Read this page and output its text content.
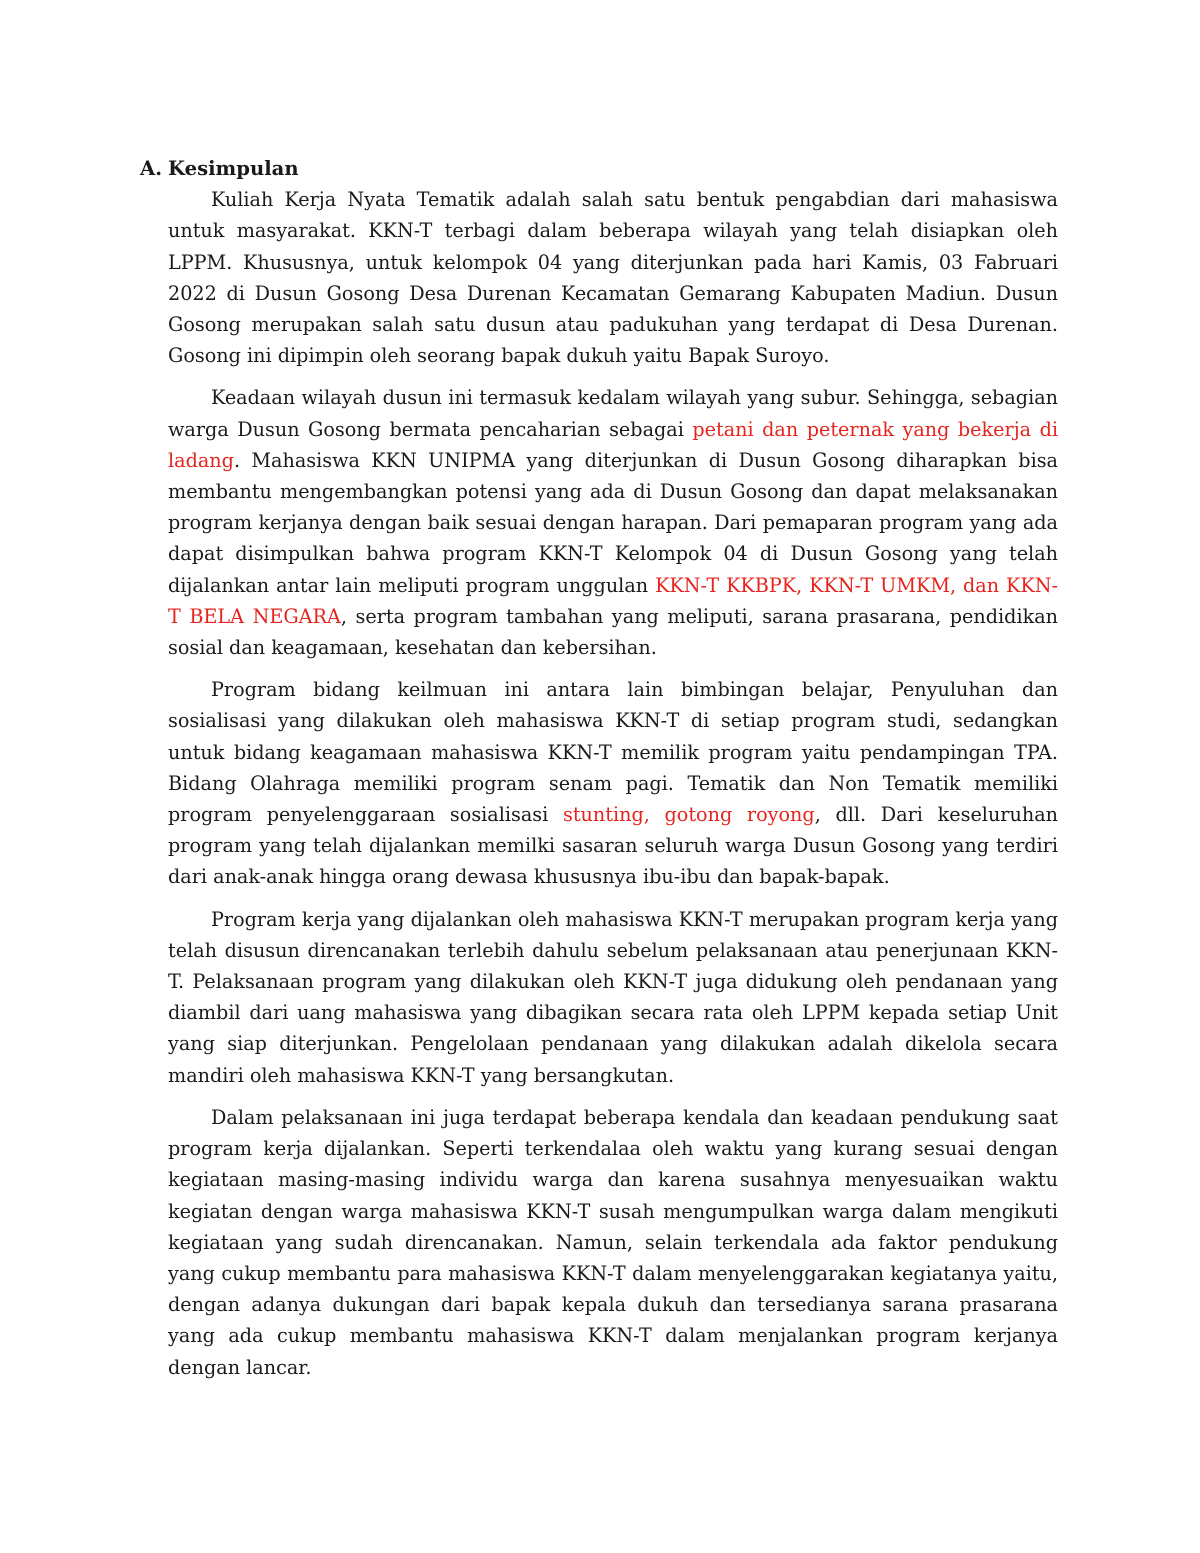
A. Kesimpulan

Kuliah Kerja Nyata Tematik adalah salah satu bentuk pengabdian dari mahasiswa untuk masyarakat. KKN-T terbagi dalam beberapa wilayah yang telah disiapkan oleh LPPM. Khususnya, untuk kelompok 04 yang diterjunkan pada hari Kamis, 03 Fabruari 2022 di Dusun Gosong Desa Durenan Kecamatan Gemarang Kabupaten Madiun. Dusun Gosong merupakan salah satu dusun atau padukuhan yang terdapat di Desa Durenan. Gosong ini dipimpin oleh seorang bapak dukuh yaitu Bapak Suroyo.

Keadaan wilayah dusun ini termasuk kedalam wilayah yang subur. Sehingga, sebagian warga Dusun Gosong bermata pencaharian sebagai petani dan peternak yang bekerja di ladang. Mahasiswa KKN UNIPMA yang diterjunkan di Dusun Gosong diharapkan bisa membantu mengembangkan potensi yang ada di Dusun Gosong dan dapat melaksanakan program kerjanya dengan baik sesuai dengan harapan. Dari pemaparan program yang ada dapat disimpulkan bahwa program KKN-T Kelompok 04 di Dusun Gosong yang telah dijalankan antar lain meliputi program unggulan KKN-T KKBPK, KKN-T UMKM, dan KKN-T BELA NEGARA, serta program tambahan yang meliputi, sarana prasarana, pendidikan sosial dan keagamaan, kesehatan dan kebersihan.

Program bidang keilmuan ini antara lain bimbingan belajar, Penyuluhan dan sosialisasi yang dilakukan oleh mahasiswa KKN-T di setiap program studi, sedangkan untuk bidang keagamaan mahasiswa KKN-T memilik program yaitu pendampingan TPA. Bidang Olahraga memiliki program senam pagi. Tematik dan Non Tematik memiliki program penyelenggaraan sosialisasi stunting, gotong royong, dll. Dari keseluruhan program yang telah dijalankan memilki sasaran seluruh warga Dusun Gosong yang terdiri dari anak-anak hingga orang dewasa khususnya ibu-ibu dan bapak-bapak.

Program kerja yang dijalankan oleh mahasiswa KKN-T merupakan program kerja yang telah disusun direncanakan terlebih dahulu sebelum pelaksanaan atau penerjunaan KKN-T. Pelaksanaan program yang dilakukan oleh KKN-T juga didukung oleh pendanaan yang diambil dari uang mahasiswa yang dibagikan secara rata oleh LPPM kepada setiap Unit yang siap diterjunkan. Pengelolaan pendanaan yang dilakukan adalah dikelola secara mandiri oleh mahasiswa KKN-T yang bersangkutan.

Dalam pelaksanaan ini juga terdapat beberapa kendala dan keadaan pendukung saat program kerja dijalankan. Seperti terkendalaa oleh waktu yang kurang sesuai dengan kegiataan masing-masing individu warga dan karena susahnya menyesuaikan waktu kegiatan dengan warga mahasiswa KKN-T susah mengumpulkan warga dalam mengikuti kegiataan yang sudah direncanakan. Namun, selain terkendala ada faktor pendukung yang cukup membantu para mahasiswa KKN-T dalam menyelenggarakan kegiatanya yaitu, dengan adanya dukungan dari bapak kepala dukuh dan tersedianya sarana prasarana yang ada cukup membantu mahasiswa KKN-T dalam menjalankan program kerjanya dengan lancar.
